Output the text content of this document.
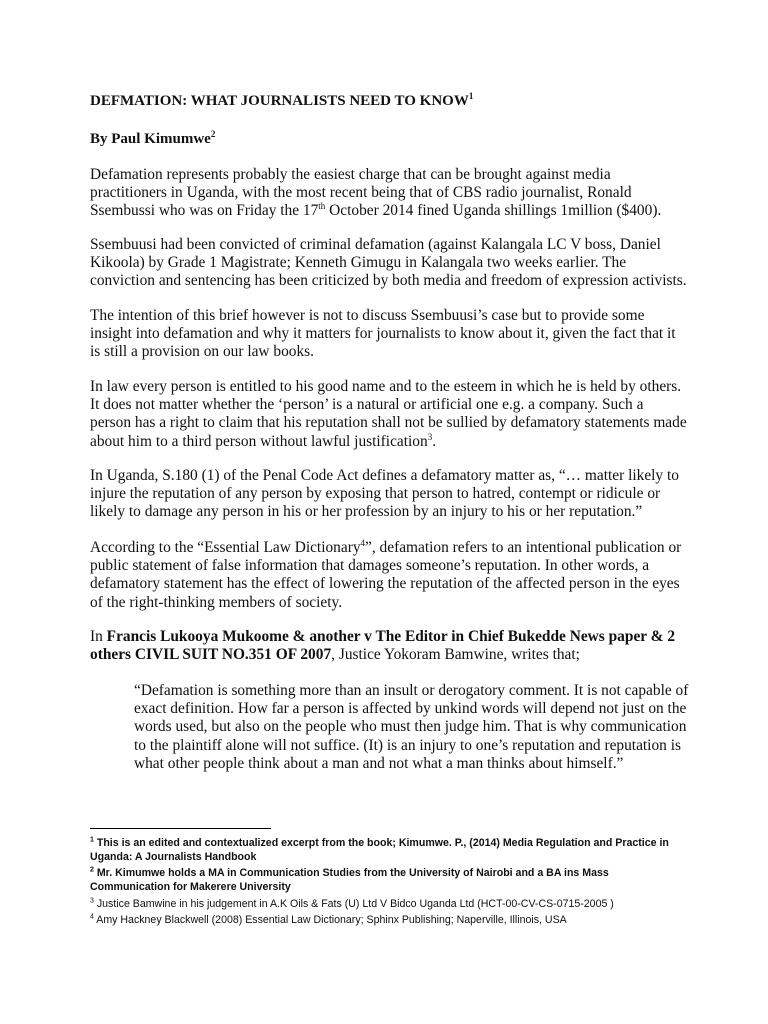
DEFMATION: WHAT JOURNALISTS NEED TO KNOW$^1$
By Paul Kimumwe$^2$

Defamation represents probably the easiest charge that can be brought against media practitioners in Uganda, with the most recent being that of CBS radio journalist, Ronald Ssembussi who was on Friday the 17th October 2014 fined Uganda shillings 1million ($400).

Ssembuusi had been convicted of criminal defamation (against Kalangala LC V boss, Daniel Kikoola) by Grade 1 Magistrate; Kenneth Gimugu in Kalangala two weeks earlier. The conviction and sentencing has been criticized by both media and freedom of expression activists.

The intention of this brief however is not to discuss Ssembuusi’s case but to provide some insight into defamation and why it matters for journalists to know about it, given the fact that it is still a provision on our law books.

In law every person is entitled to his good name and to the esteem in which he is held by others. It does not matter whether the ‘person’ is a natural or artificial one e.g. a company. Such a person has a right to claim that his reputation shall not be sullied by defamatory statements made about him to a third person without lawful justification$^3$.

In Uganda, S.180 (1) of the Penal Code Act defines a defamatory matter as, “… matter likely to injure the reputation of any person by exposing that person to hatred, contempt or ridicule or likely to damage any person in his or her profession by an injury to his or her reputation.”

According to the “Essential Law Dictionary$^4$”, defamation refers to an intentional publication or public statement of false information that damages someone’s reputation. In other words, a defamatory statement has the effect of lowering the reputation of the affected person in the eyes of the right-thinking members of society.

In Francis Lukooya Mukoome & another v The Editor in Chief Bukedde News paper & 2 others CIVIL SUIT NO.351 OF 2007, Justice Yokoram Bamwine, writes that;

“Defamation is something more than an insult or derogatory comment. It is not capable of exact definition. How far a person is affected by unkind words will depend not just on the words used, but also on the people who must then judge him. That is why communication to the plaintiff alone will not suffice. (It) is an injury to one’s reputation and reputation is what other people think about a man and not what a man thinks about himself.”

$^1$ This is an edited and contextualized excerpt from the book; Kimumwe. P., (2014) Media Regulation and Practice in Uganda: A Journalists Handbook
$^2$ Mr. Kimumwe holds a MA in Communication Studies from the University of Nairobi and a BA ins Mass Communication for Makerere University
$^3$ Justice Bamwine in his judgement in A.K Oils & Fats (U) Ltd V Bidco Uganda Ltd (HCT-00-CV-CS-0715-2005 )
$^4$ Amy Hackney Blackwell (2008) Essential Law Dictionary; Sphinx Publishing; Naperville, Illinois, USA
